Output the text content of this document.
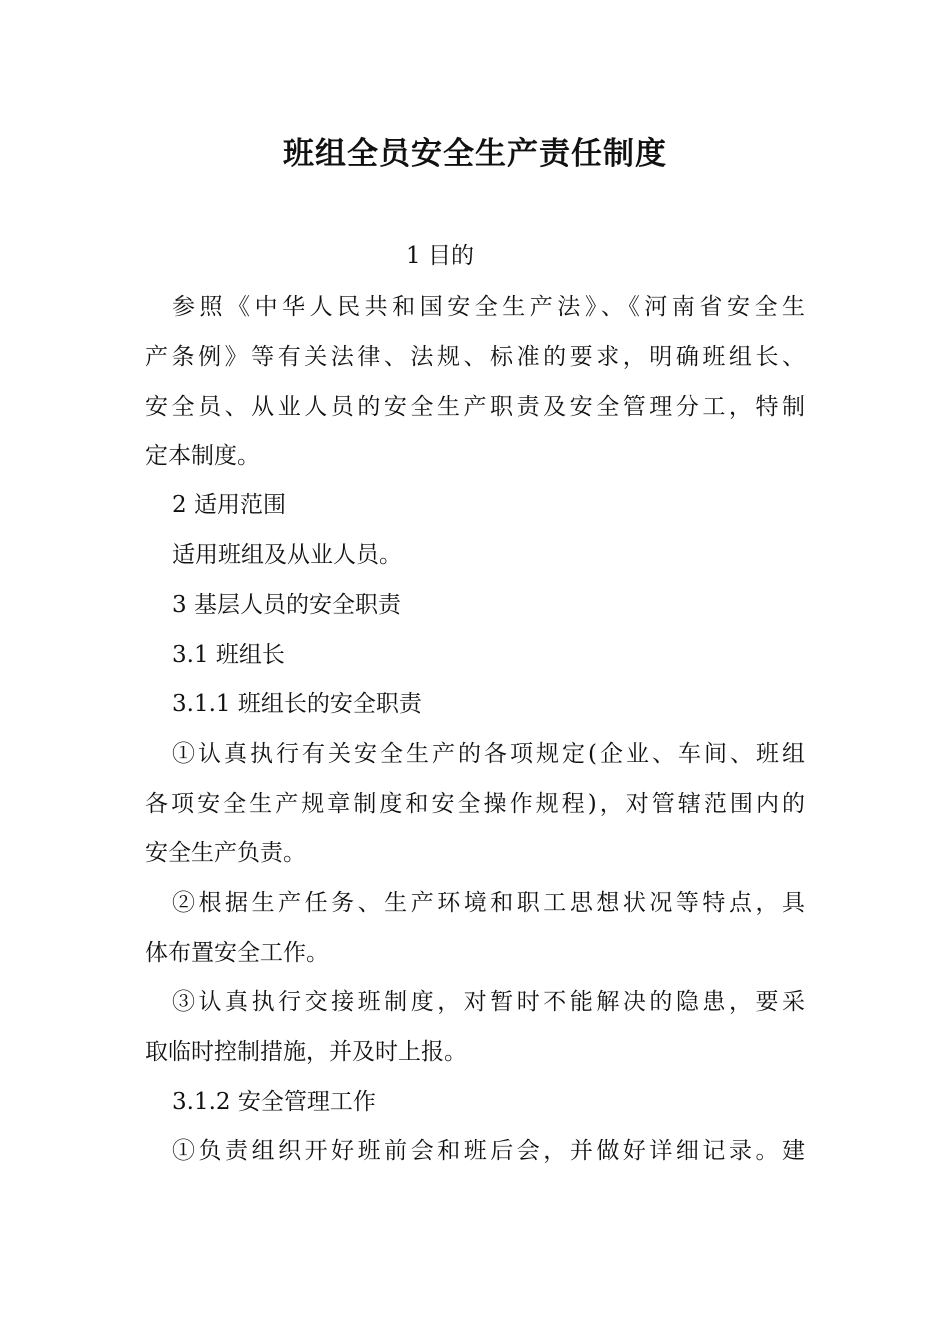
班组全员安全生产责任制度
1 目的
参照《中华人民共和国安全生产法》、《河南省安全生
产条例》等有关法律、法规、标准的要求，明确班组长、
安全员、从业人员的安全生产职责及安全管理分工，特制
定本制度。
2 适用范围
适用班组及从业人员。
3 基层人员的安全职责
3.1 班组长
3.1.1 班组长的安全职责
①认真执行有关安全生产的各项规定(企业、车间、班组
各项安全生产规章制度和安全操作规程)，对管辖范围内的
安全生产负责。
②根据生产任务、生产环境和职工思想状况等特点，具
体布置安全工作。
③认真执行交接班制度，对暂时不能解决的隐患，要采
取临时控制措施，并及时上报。
3.1.2 安全管理工作
①负责组织开好班前会和班后会，并做好详细记录。建
